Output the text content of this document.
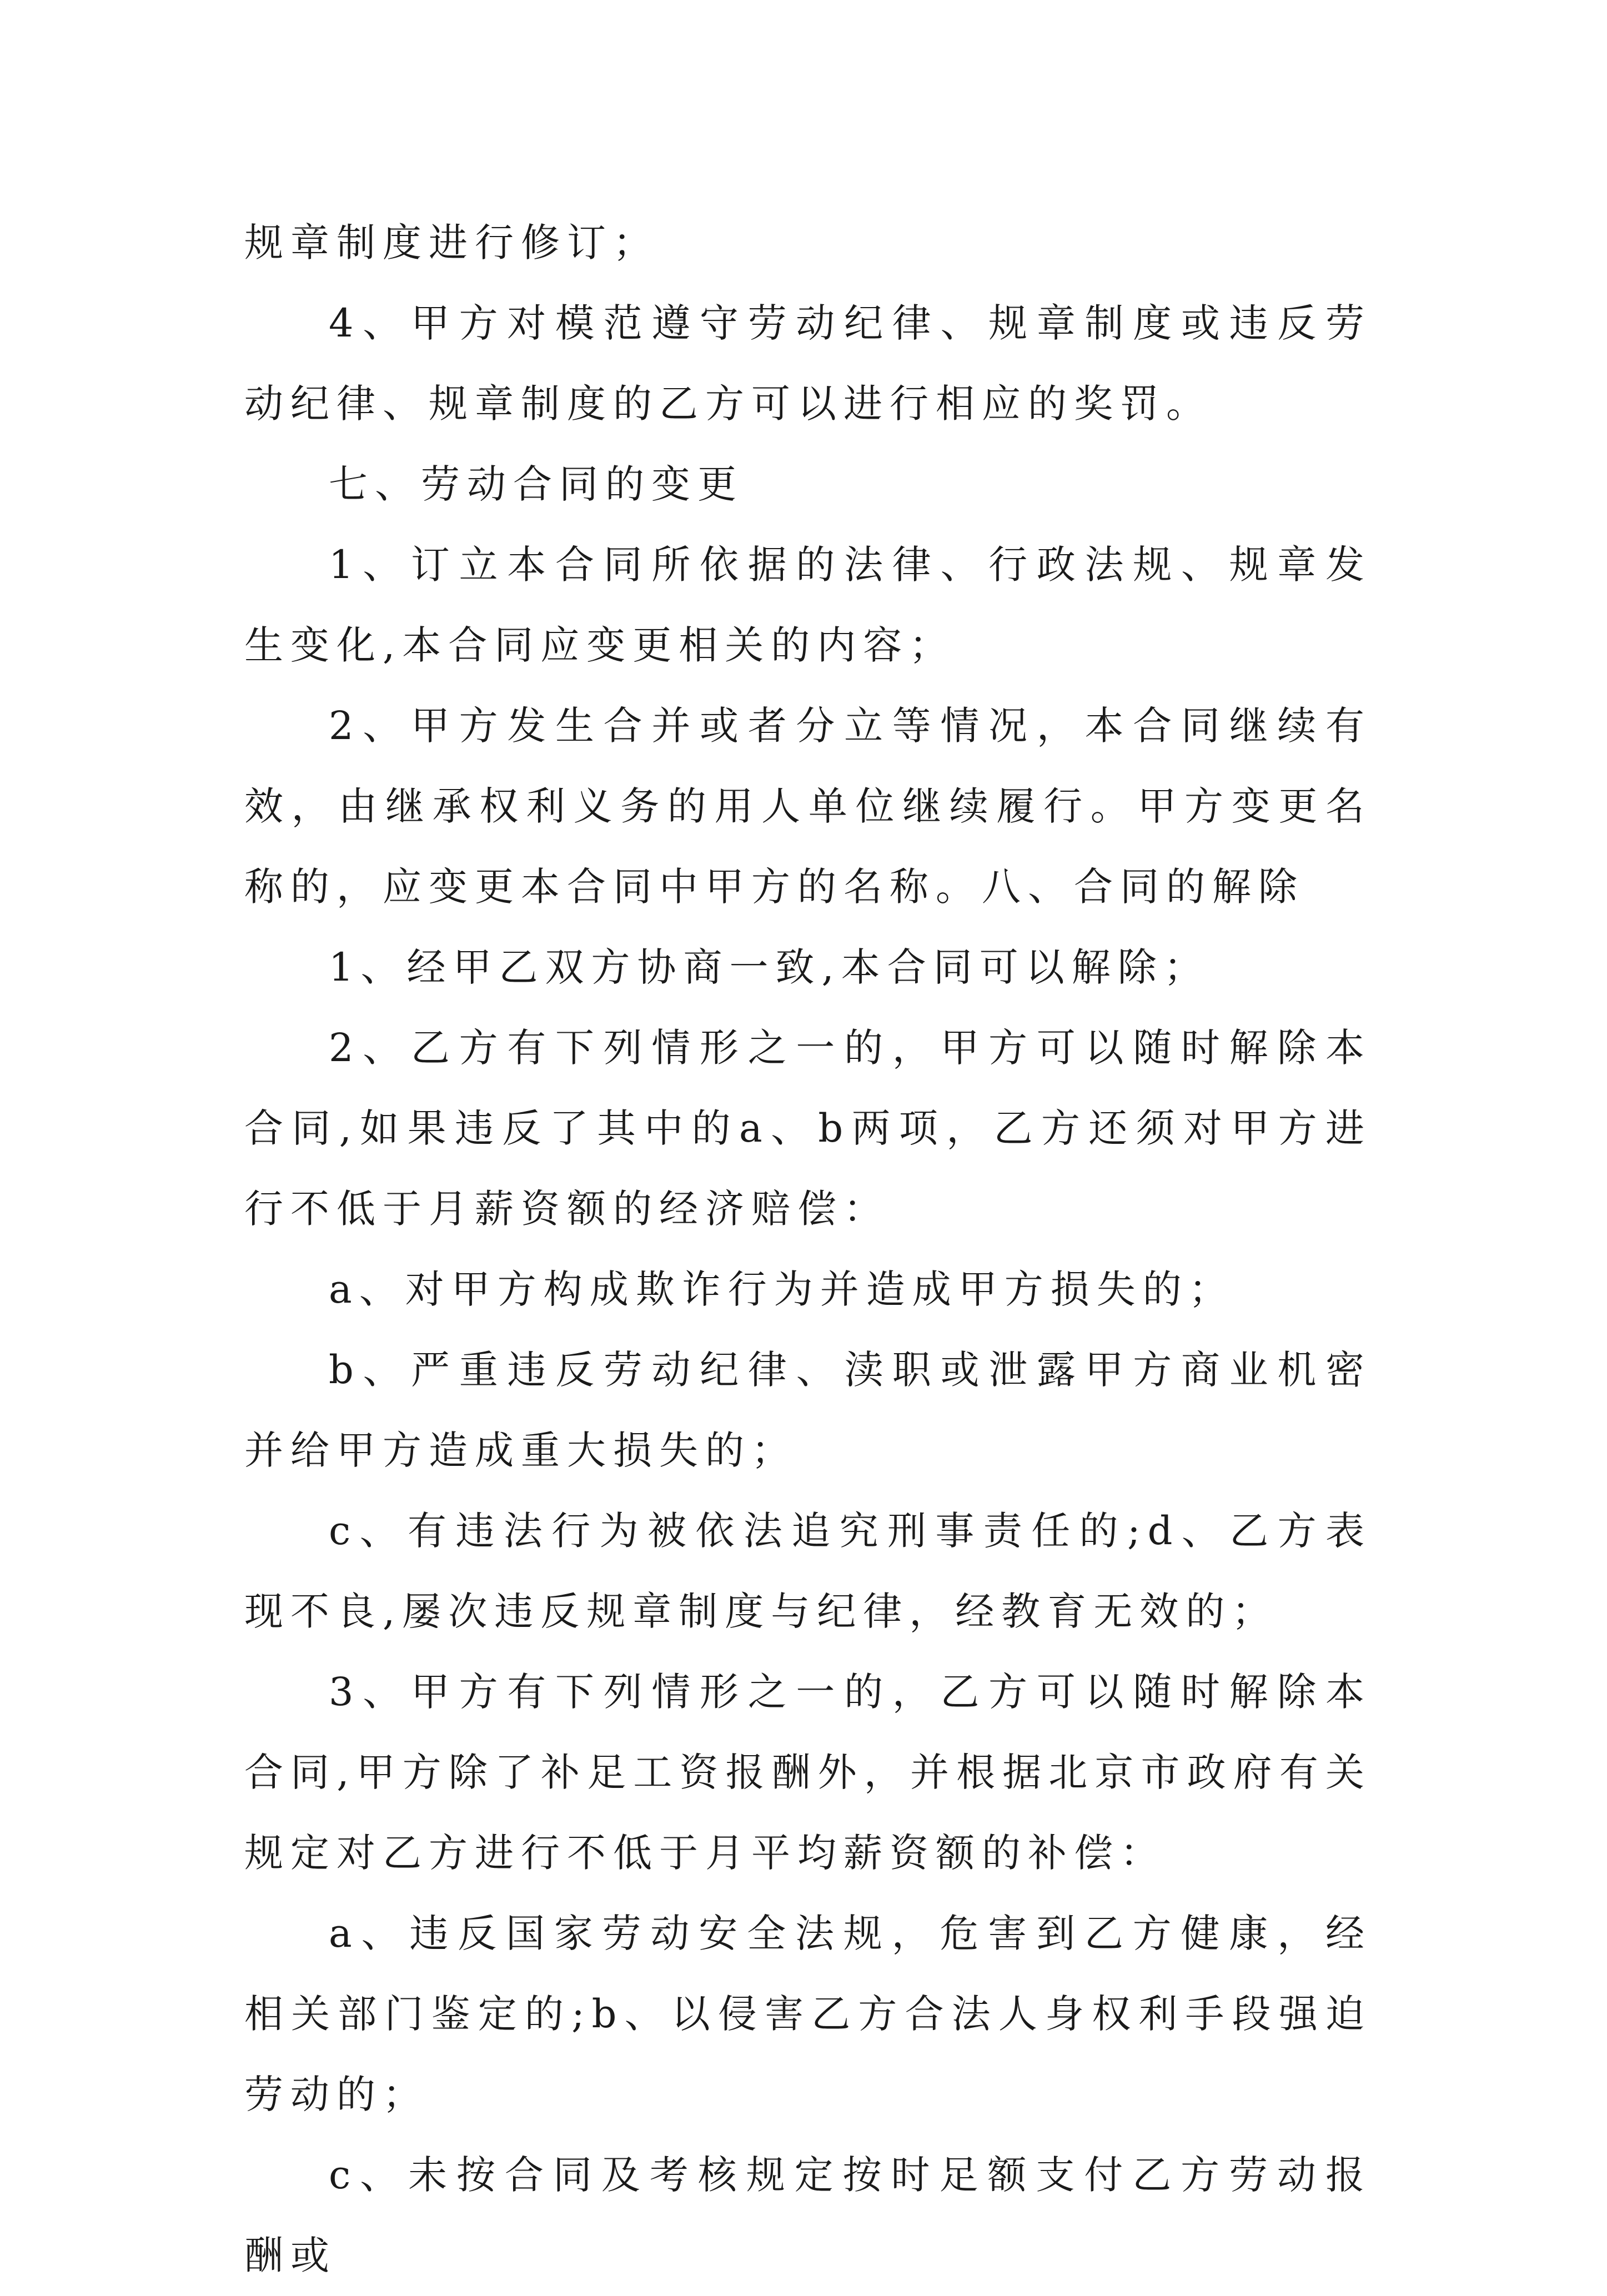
规章制度进行修订；

4、甲方对模范遵守劳动纪律、规章制度或违反劳动纪律、规章制度的乙方可以进行相应的奖罚。

七、劳动合同的变更

1、订立本合同所依据的法律、行政法规、规章发生变化,本合同应变更相关的内容；

2、甲方发生合并或者分立等情况，本合同继续有效，由继承权利义务的用人单位继续履行。甲方变更名称的，应变更本合同中甲方的名称。八、合同的解除

1、经甲乙双方协商一致,本合同可以解除；

2、乙方有下列情形之一的，甲方可以随时解除本合同,如果违反了其中的a、b两项，乙方还须对甲方进行不低于月薪资额的经济赔偿：

a、对甲方构成欺诈行为并造成甲方损失的；

b、严重违反劳动纪律、渎职或泄露甲方商业机密并给甲方造成重大损失的；

c、有违法行为被依法追究刑事责任的;d、乙方表现不良,屡次违反规章制度与纪律，经教育无效的；

3、甲方有下列情形之一的，乙方可以随时解除本合同,甲方除了补足工资报酬外，并根据北京市政府有关规定对乙方进行不低于月平均薪资额的补偿：

a、违反国家劳动安全法规，危害到乙方健康，经相关部门鉴定的;b、以侵害乙方合法人身权利手段强迫劳动的；

c、未按合同及考核规定按时足额支付乙方劳动报酬或
